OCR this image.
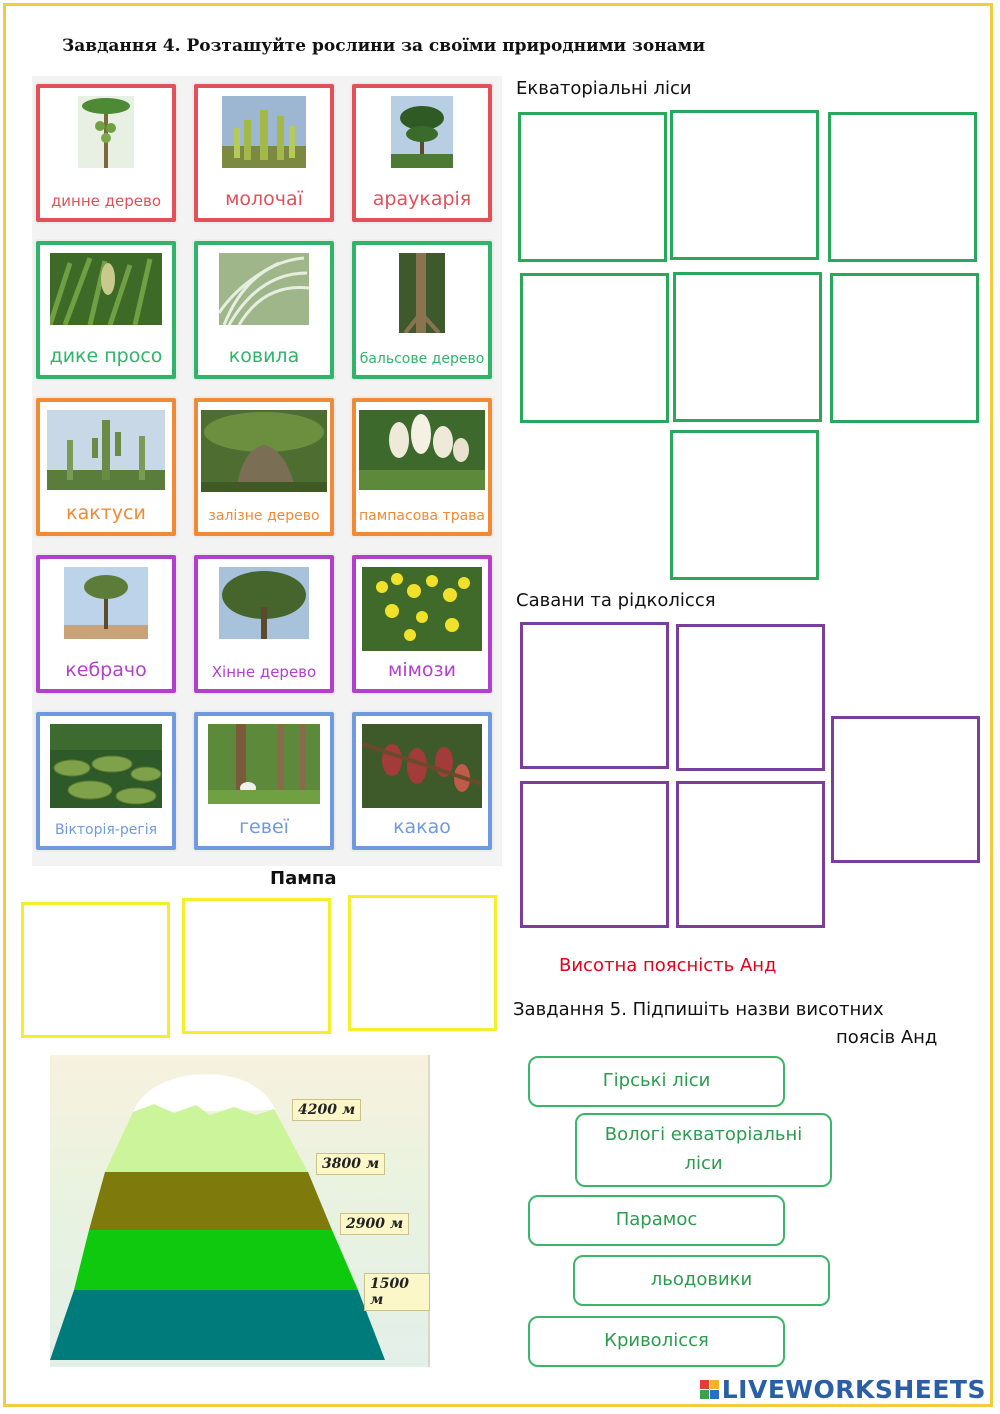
Завдання 4. Розташуйте рослини за своїми природними зонами
динне дерево	молочаї	араукарія
дике просо	ковила	бальсове дерево
кактуси	залізне дерево	пампасова трава
кебрачо	Хінне дерево	мімози
Вікторія-регія	гевеї	какао
Екваторіальні ліси
Савани та рідколісся
Пампа
4200 м
3800 м
2900 м
1500 м
Висотна поясність Анд
Завдання 5. Підпишіть назви висотних
поясів Анд
Гірські ліси
Вологі екваторіальні ліси
Парамос
льодовики
Криволісся
LIVEWORKSHEETS
